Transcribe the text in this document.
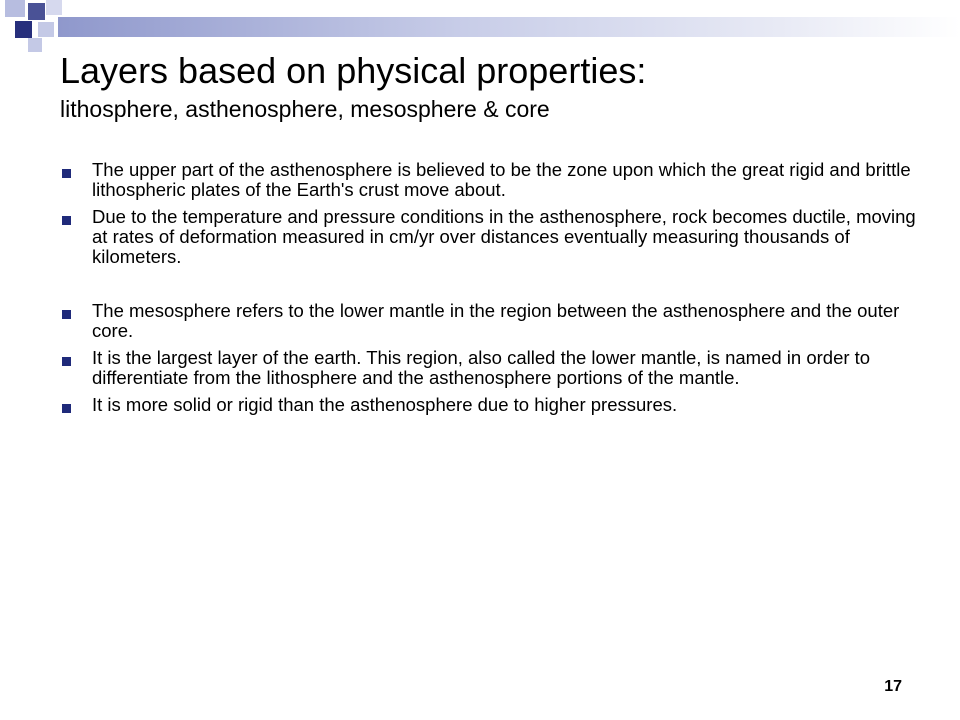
Layers based on physical properties:
lithosphere, asthenosphere, mesosphere & core
The upper part of the asthenosphere is believed to be the zone upon which the great rigid and brittle lithospheric plates of the Earth's crust move about.
Due to the temperature and pressure conditions in the asthenosphere, rock becomes ductile, moving at rates of deformation measured in cm/yr over distances eventually measuring thousands of kilometers.
The mesosphere refers to the lower mantle in the region between the asthenosphere and the outer core.
It is the largest layer of the earth. This region, also called the lower mantle, is named in order to differentiate from the lithosphere and the asthenosphere portions of the mantle.
It is more solid or rigid than the asthenosphere due to higher pressures.
17
